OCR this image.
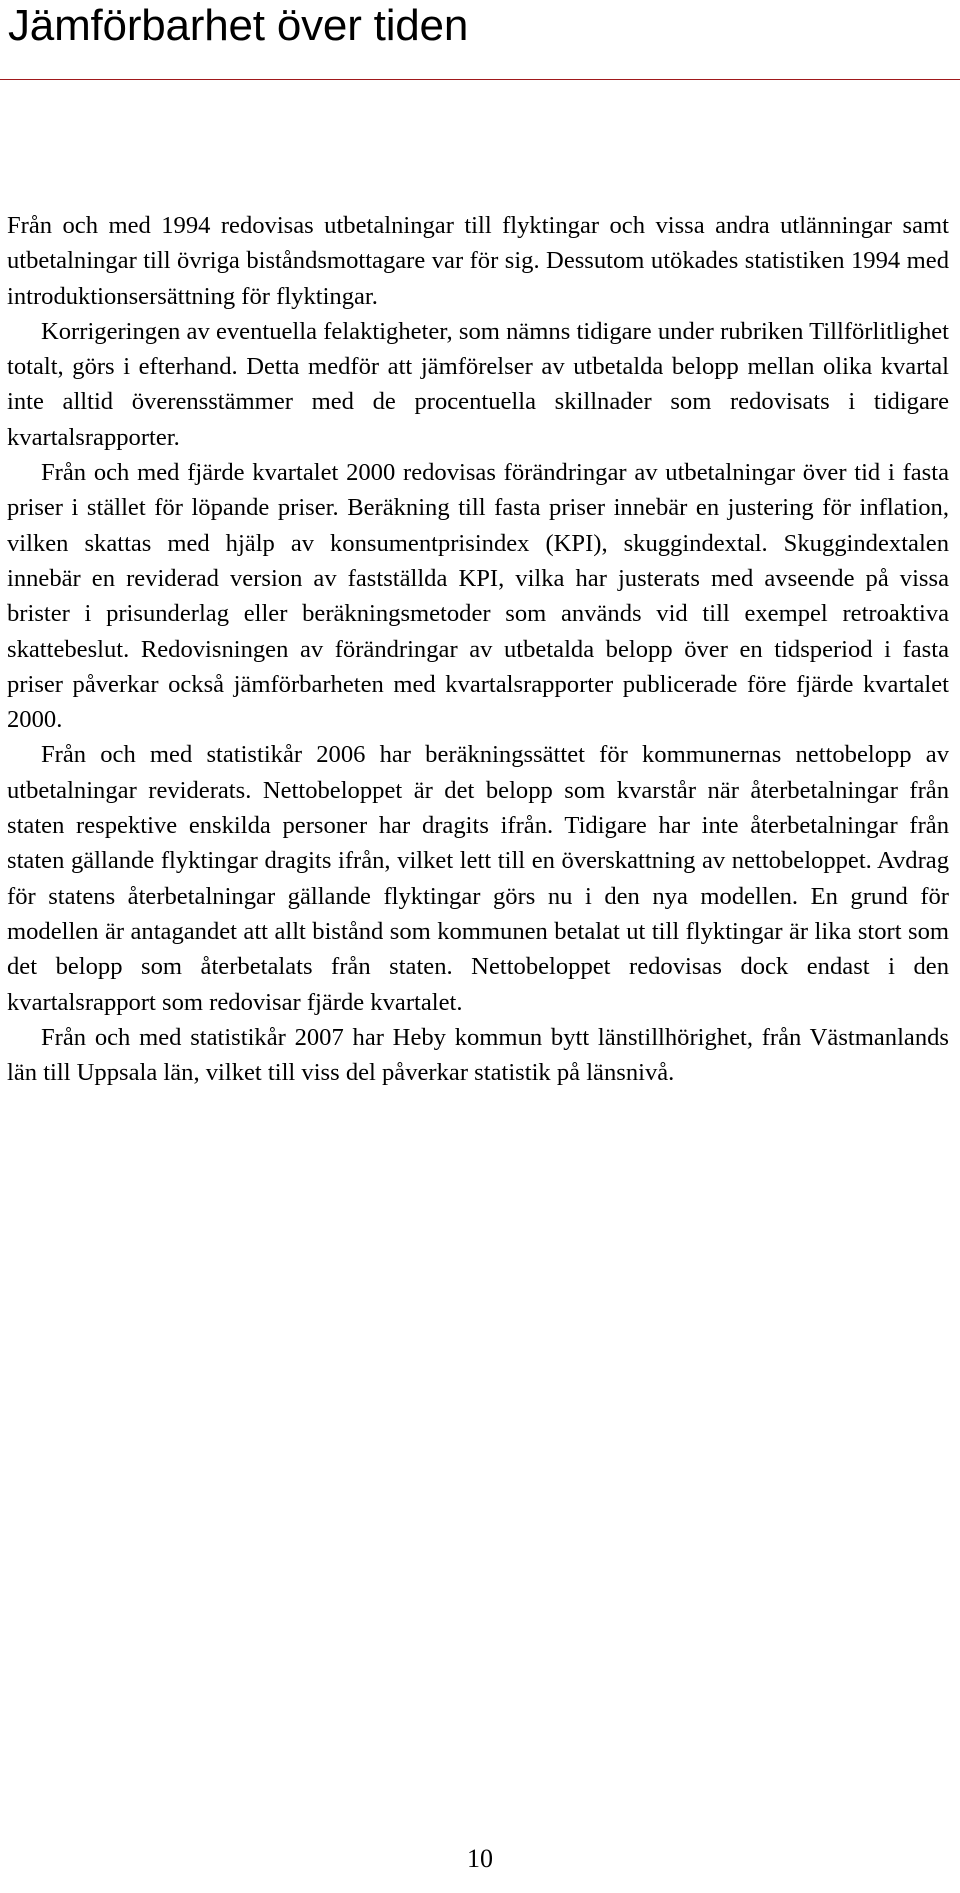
Jämförbarhet över tiden

Från och med 1994 redovisas utbetalningar till flyktingar och vissa andra utlänningar samt utbetalningar till övriga biståndsmottagare var för sig. Dessutom utökades statistiken 1994 med introduktionsersättning för flyktingar.

Korrigeringen av eventuella felaktigheter, som nämns tidigare under rubriken Tillförlitlighet totalt, görs i efterhand. Detta medför att jämförelser av utbetalda belopp mellan olika kvartal inte alltid överensstämmer med de procentuella skillnader som redovisats i tidigare kvartalsrapporter.

Från och med fjärde kvartalet 2000 redovisas förändringar av utbetalningar över tid i fasta priser i stället för löpande priser. Beräkning till fasta priser innebär en justering för inflation, vilken skattas med hjälp av konsumentprisindex (KPI), skuggindextal. Skuggindextalen innebär en reviderad version av fastställda KPI, vilka har justerats med avseende på vissa brister i prisunderlag eller beräkningsmetoder som används vid till exempel retroaktiva skattebeslut. Redovisningen av förändringar av utbetalda belopp över en tidsperiod i fasta priser påverkar också jämförbarheten med kvartalsrapporter publicerade före fjärde kvartalet 2000.

Från och med statistikår 2006 har beräkningssättet för kommunernas nettobelopp av utbetalningar reviderats. Nettobeloppet är det belopp som kvarstår när återbetalningar från staten respektive enskilda personer har dragits ifrån. Tidigare har inte återbetalningar från staten gällande flyktingar dragits ifrån, vilket lett till en överskattning av nettobeloppet. Avdrag för statens återbetalningar gällande flyktingar görs nu i den nya modellen. En grund för modellen är antagandet att allt bistånd som kommunen betalat ut till flyktingar är lika stort som det belopp som återbetalats från staten. Nettobeloppet redovisas dock endast i den kvartalsrapport som redovisar fjärde kvartalet.

Från och med statistikår 2007 har Heby kommun bytt länstillhörighet, från Västmanlands län till Uppsala län, vilket till viss del påverkar statistik på länsnivå.

10
